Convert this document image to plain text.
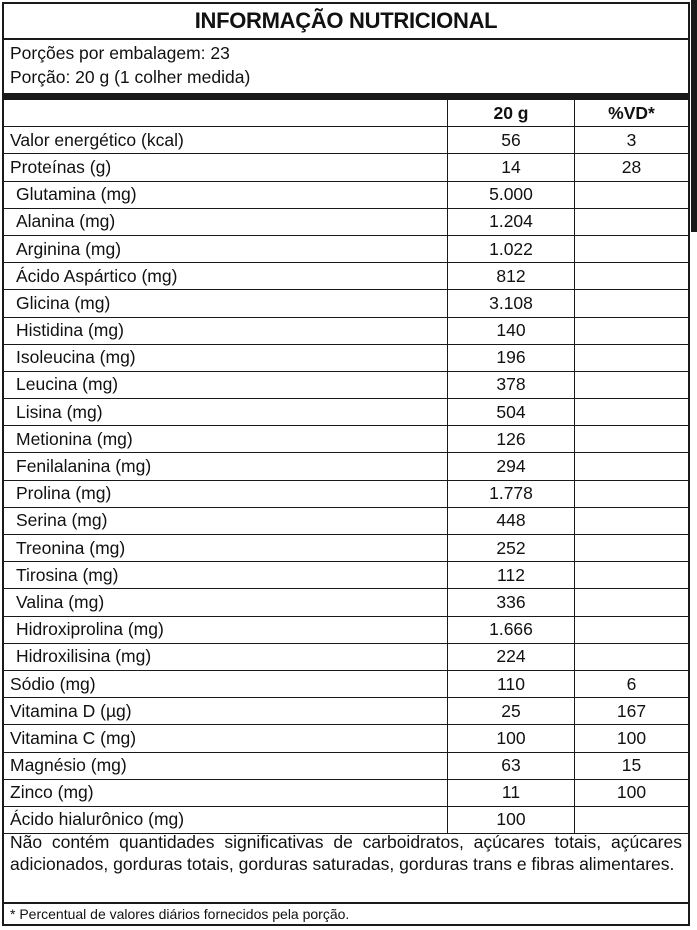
INFORMAÇÃO NUTRICIONAL
Porções por embalagem: 23
Porção: 20 g (1 colher medida)
	20 g	%VD*
Valor energético (kcal)	56	3
Proteínas (g)	14	28
Glutamina (mg)	5.000	
Alanina (mg)	1.204	
Arginina (mg)	1.022	
Ácido Aspártico (mg)	812	
Glicina (mg)	3.108	
Histidina (mg)	140	
Isoleucina (mg)	196	
Leucina (mg)	378	
Lisina (mg)	504	
Metionina (mg)	126	
Fenilalanina (mg)	294	
Prolina (mg)	1.778	
Serina (mg)	448	
Treonina (mg)	252	
Tirosina (mg)	112	
Valina (mg)	336	
Hidroxiprolina (mg)	1.666	
Hidroxilisina (mg)	224	
Sódio (mg)	110	6
Vitamina D (µg)	25	167
Vitamina C (mg)	100	100
Magnésio (mg)	63	15
Zinco (mg)	11	100
Ácido hialurônico (mg)	100	
Não contém quantidades significativas de carboidratos, açúcares totais, açúcares adicionados, gorduras totais, gorduras saturadas, gorduras trans e fibras alimentares.
* Percentual de valores diários fornecidos pela porção.
